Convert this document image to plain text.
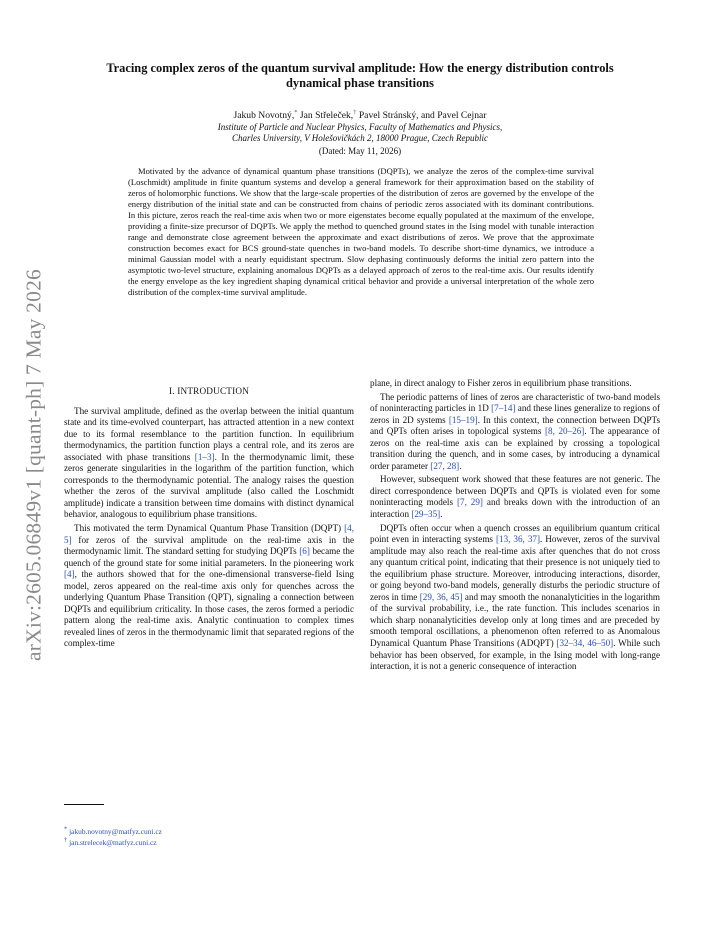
arXiv:2605.06849v1 [quant-ph] 7 May 2026
Tracing complex zeros of the quantum survival amplitude: How the energy distribution controls dynamical phase transitions
Jakub Novotný,* Jan Střeleček,† Pavel Stránský, and Pavel Cejnar
Institute of Particle and Nuclear Physics, Faculty of Mathematics and Physics,
Charles University, V Holešovičkách 2, 18000 Prague, Czech Republic
(Dated: May 11, 2026)

Motivated by the advance of dynamical quantum phase transitions (DQPTs), we analyze the zeros of the complex-time survival (Loschmidt) amplitude in finite quantum systems and develop a general framework for their approximation based on the stability of zeros of holomorphic functions. We show that the large-scale properties of the distribution of zeros are governed by the envelope of the energy distribution of the initial state and can be constructed from chains of periodic zeros associated with its dominant contributions. In this picture, zeros reach the real-time axis when two or more eigenstates become equally populated at the maximum of the envelope, providing a finite-size precursor of DQPTs. We apply the method to quenched ground states in the Ising model with tunable interaction range and demonstrate close agreement between the approximate and exact distributions of zeros. We prove that the approximate construction becomes exact for BCS ground-state quenches in two-band models. To describe short-time dynamics, we introduce a minimal Gaussian model with a nearly equidistant spectrum. Slow dephasing continuously deforms the initial zero pattern into the asymptotic two-level structure, explaining anomalous DQPTs as a delayed approach of zeros to the real-time axis. Our results identify the energy envelope as the key ingredient shaping dynamical critical behavior and provide a universal interpretation of the whole zero distribution of the complex-time survival amplitude.

I. INTRODUCTION

The survival amplitude, defined as the overlap between the initial quantum state and its time-evolved counterpart, has attracted attention in a new context due to its formal resemblance to the partition function. In equilibrium thermodynamics, the partition function plays a central role, and its zeros are associated with phase transitions [1–3]. In the thermodynamic limit, these zeros generate singularities in the logarithm of the partition function, which corresponds to the thermodynamic potential. The analogy raises the question whether the zeros of the survival amplitude (also called the Loschmidt amplitude) indicate a transition between time domains with distinct dynamical behavior, analogous to equilibrium phase transitions.

This motivated the term Dynamical Quantum Phase Transition (DQPT) [4, 5] for zeros of the survival amplitude on the real-time axis in the thermodynamic limit. The standard setting for studying DQPTs [6] became the quench of the ground state for some initial parameters. In the pioneering work [4], the authors showed that for the one-dimensional transverse-field Ising model, zeros appeared on the real-time axis only for quenches across the underlying Quantum Phase Transition (QPT), signaling a connection between DQPTs and equilibrium criticality. In those cases, the zeros formed a periodic pattern along the real-time axis. Analytic continuation to complex times revealed lines of zeros in the thermodynamic limit that separated regions of the complex-time

plane, in direct analogy to Fisher zeros in equilibrium phase transitions.

The periodic patterns of lines of zeros are characteristic of two-band models of noninteracting particles in 1D [7–14] and these lines generalize to regions of zeros in 2D systems [15–19]. In this context, the connection between DQPTs and QPTs often arises in topological systems [8, 20–26]. The appearance of zeros on the real-time axis can be explained by crossing a topological transition during the quench, and in some cases, by introducing a dynamical order parameter [27, 28].

However, subsequent work showed that these features are not generic. The direct correspondence between DQPTs and QPTs is violated even for some noninteracting models [7, 29] and breaks down with the introduction of an interaction [29–35].

DQPTs often occur when a quench crosses an equilibrium quantum critical point even in interacting systems [13, 36, 37]. However, zeros of the survival amplitude may also reach the real-time axis after quenches that do not cross any quantum critical point, indicating that their presence is not uniquely tied to the equilibrium phase structure. Moreover, introducing interactions, disorder, or going beyond two-band models, generally disturbs the periodic structure of zeros in time [29, 36, 45] and may smooth the nonanalyticities in the logarithm of the survival probability, i.e., the rate function. This includes scenarios in which sharp nonanalyticities develop only at long times and are preceded by smooth temporal oscillations, a phenomenon often referred to as Anomalous Dynamical Quantum Phase Transitions (ADQPT) [32–34, 46–50]. While such behavior has been observed, for example, in the Ising model with long-range interaction, it is not a generic consequence of interaction

* jakub.novotny@matfyz.cuni.cz
† jan.strelecek@matfyz.cuni.cz
